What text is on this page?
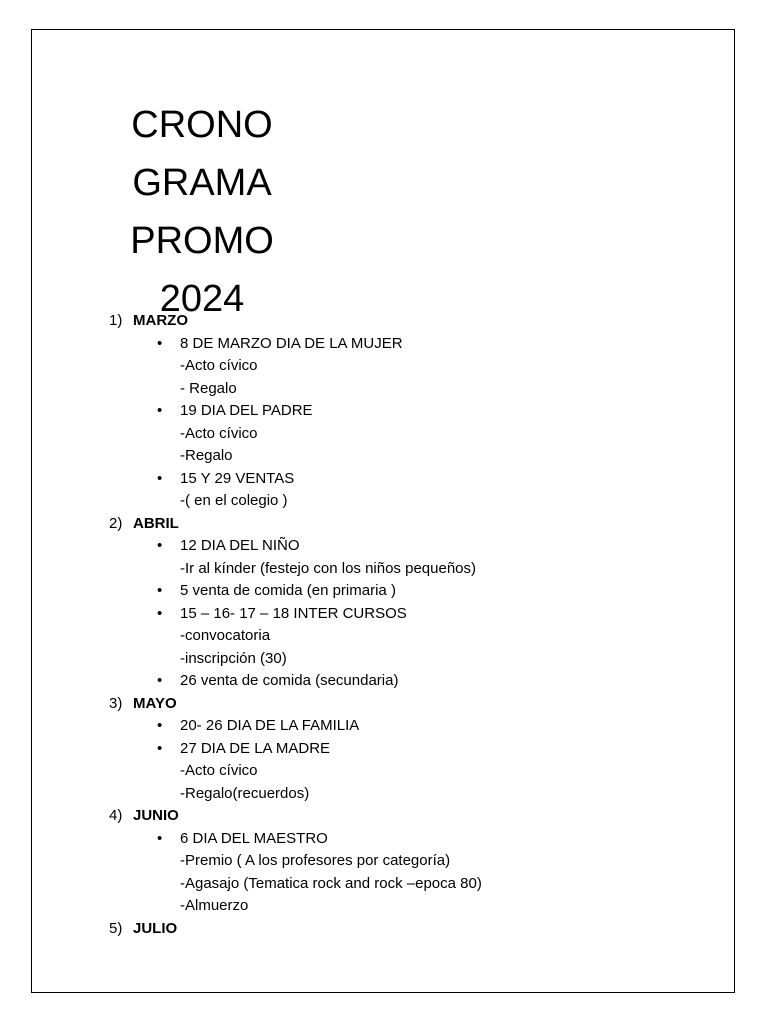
CRONO
GRAMA
PROMO
2024
1) MARZO
• 8 DE MARZO DIA DE LA MUJER
-Acto cívico
- Regalo
• 19 DIA DEL PADRE
-Acto cívico
-Regalo
• 15 Y 29 VENTAS
-( en el colegio )
2) ABRIL
• 12 DIA DEL NIÑO
-Ir al kínder (festejo con los niños pequeños)
• 5 venta de comida (en primaria )
• 15 – 16- 17 – 18 INTER CURSOS
-convocatoria
-inscripción (30)
• 26 venta de comida (secundaria)
3) MAYO
• 20- 26 DIA DE LA FAMILIA
• 27 DIA DE LA MADRE
-Acto cívico
-Regalo(recuerdos)
4) JUNIO
• 6 DIA DEL MAESTRO
-Premio ( A los profesores por categoría)
-Agasajo (Tematica rock and rock –epoca 80)
-Almuerzo
5) JULIO
